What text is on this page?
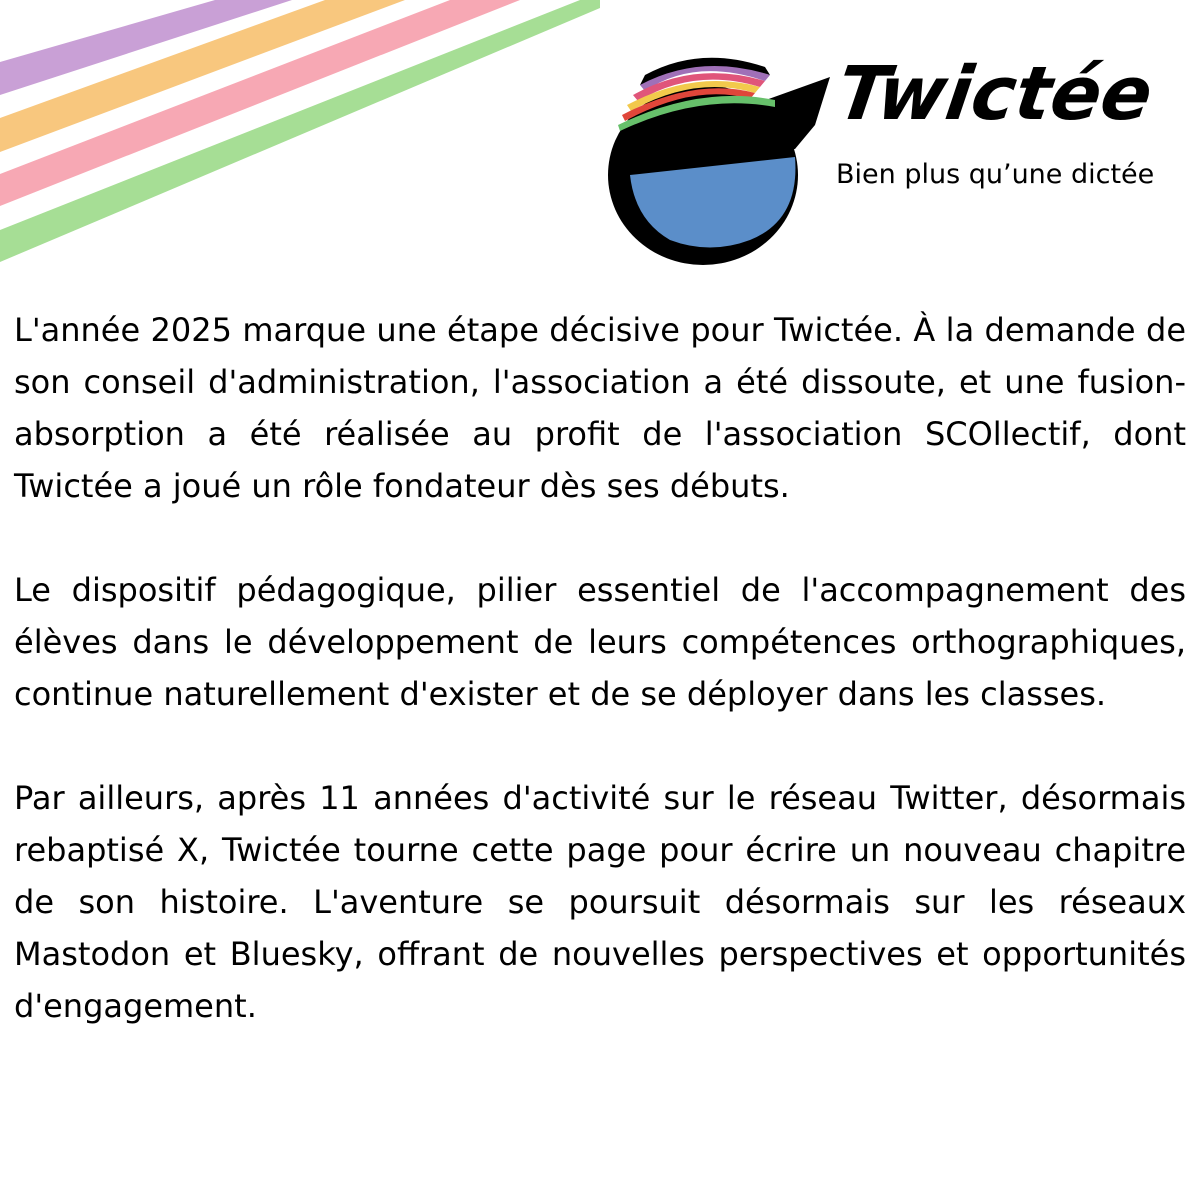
Twictée
Bien plus qu’une dictée

L'année 2025 marque une étape décisive pour Twictée. À la demande de son conseil d'administration, l'association a été dissoute, et une fusion-absorption a été réalisée au profit de l'association SCOllectif, dont Twictée a joué un rôle fondateur dès ses débuts.

Le dispositif pédagogique, pilier essentiel de l'accompagnement des élèves dans le développement de leurs compétences orthographiques, continue naturellement d'exister et de se déployer dans les classes.

Par ailleurs, après 11 années d'activité sur le réseau Twitter, désormais rebaptisé X, Twictée tourne cette page pour écrire un nouveau chapitre de son histoire. L'aventure se poursuit désormais sur les réseaux Mastodon et Bluesky, offrant de nouvelles perspectives et opportunités d'engagement.
